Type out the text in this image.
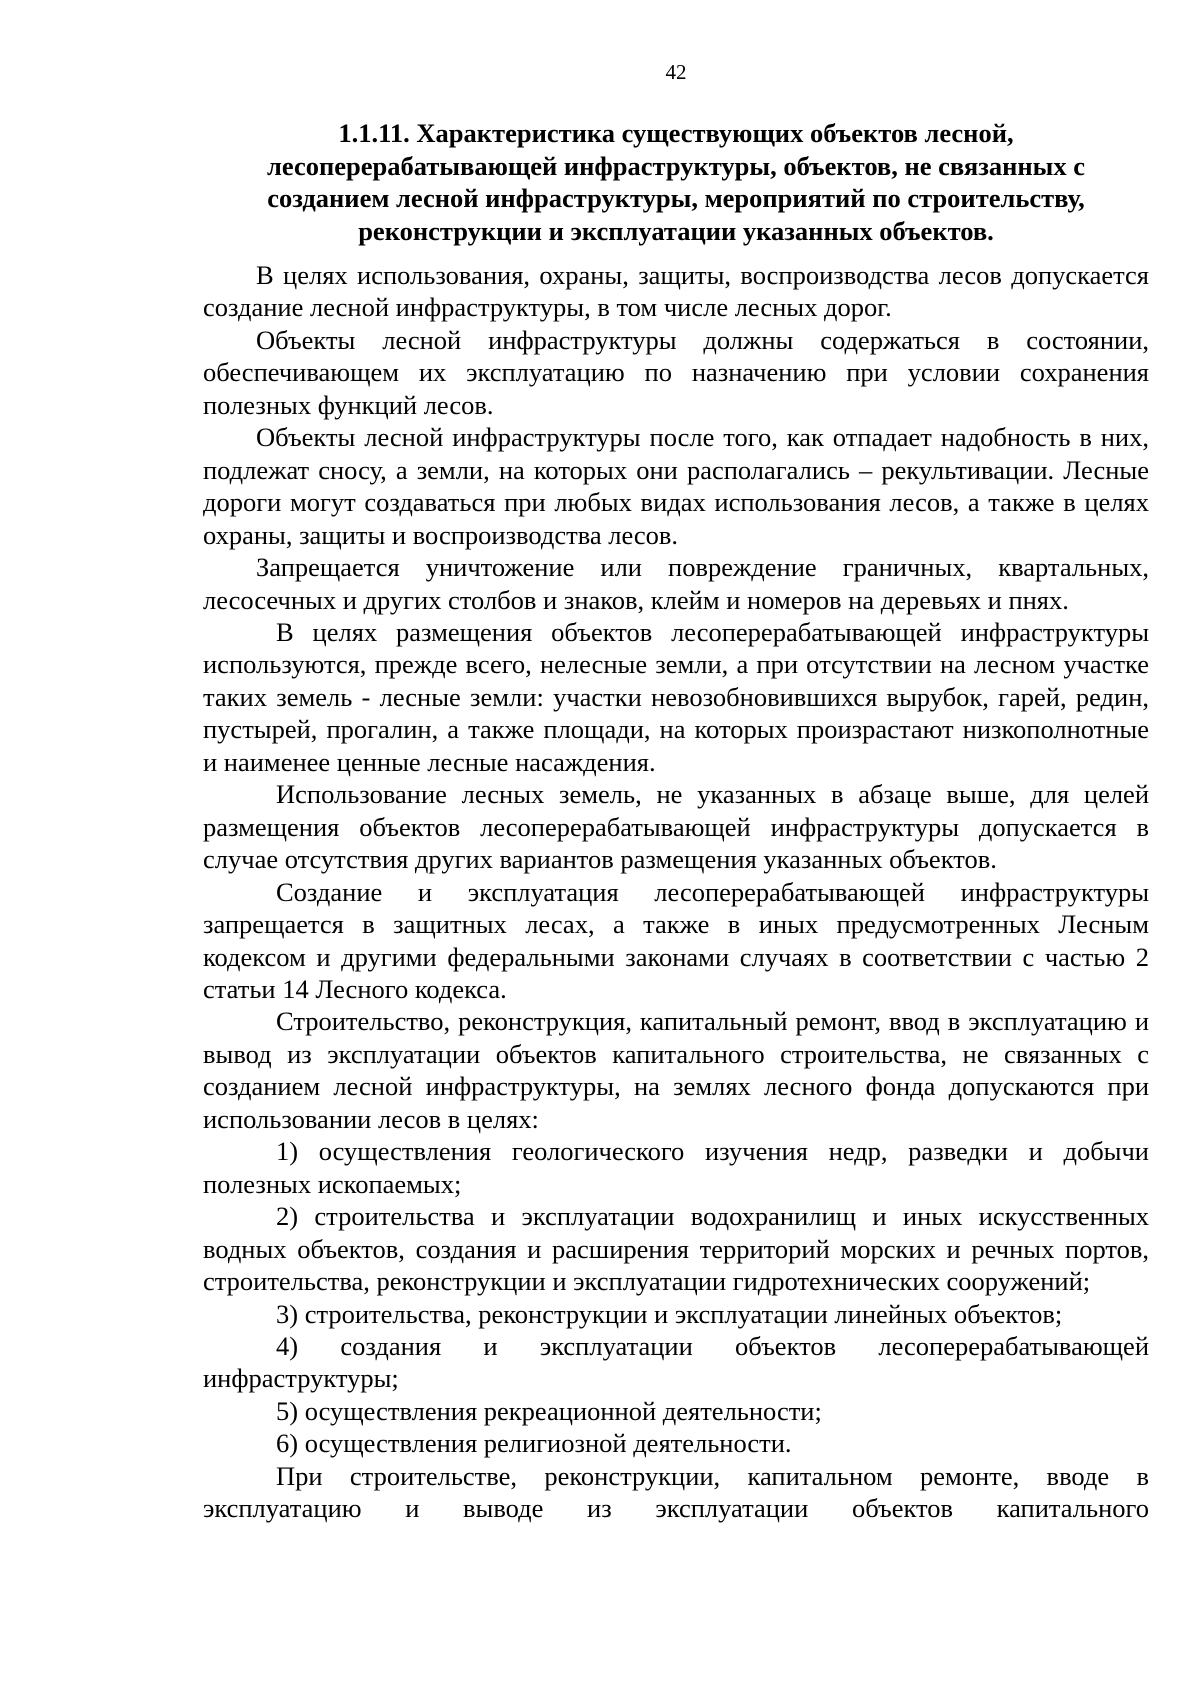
42
1.1.11. Характеристика существующих объектов лесной,
лесоперерабатывающей инфраструктуры, объектов, не связанных с
созданием лесной инфраструктуры, мероприятий по строительству,
реконструкции и эксплуатации указанных объектов.

В целях использования, охраны, защиты, воспроизводства лесов допускается создание лесной инфраструктуры, в том числе лесных дорог.

Объекты лесной инфраструктуры должны содержаться в состоянии, обеспечивающем их эксплуатацию по назначению при условии сохранения полезных функций лесов.

Объекты лесной инфраструктуры после того, как отпадает надобность в них, подлежат сносу, а земли, на которых они располагались – рекультивации. Лесные дороги могут создаваться при любых видах использования лесов, а также в целях охраны, защиты и воспроизводства лесов.

Запрещается уничтожение или повреждение граничных, квартальных, лесосечных и других столбов и знаков, клейм и номеров на деревьях и пнях.

В целях размещения объектов лесоперерабатывающей инфраструктуры используются, прежде всего, нелесные земли, а при отсутствии на лесном участке таких земель - лесные земли: участки невозобновившихся вырубок, гарей, редин, пустырей, прогалин, а также площади, на которых произрастают низкополнотные и наименее ценные лесные насаждения.

Использование лесных земель, не указанных в абзаце выше, для целей размещения объектов лесоперерабатывающей инфраструктуры допускается в случае отсутствия других вариантов размещения указанных объектов.

Создание и эксплуатация лесоперерабатывающей инфраструктуры запрещается в защитных лесах, а также в иных предусмотренных Лесным кодексом и другими федеральными законами случаях в соответствии с частью 2 статьи 14 Лесного кодекса.

Строительство, реконструкция, капитальный ремонт, ввод в эксплуатацию и вывод из эксплуатации объектов капитального строительства, не связанных с созданием лесной инфраструктуры, на землях лесного фонда допускаются при использовании лесов в целях:

1) осуществления геологического изучения недр, разведки и добычи полезных ископаемых;

2) строительства и эксплуатации водохранилищ и иных искусственных водных объектов, создания и расширения территорий морских и речных портов, строительства, реконструкции и эксплуатации гидротехнических сооружений;

3) строительства, реконструкции и эксплуатации линейных объектов;

4) создания и эксплуатации объектов лесоперерабатывающей инфраструктуры;

5) осуществления рекреационной деятельности;

6) осуществления религиозной деятельности.

При строительстве, реконструкции, капитальном ремонте, вводе в эксплуатацию и выводе из эксплуатации объектов капитального
